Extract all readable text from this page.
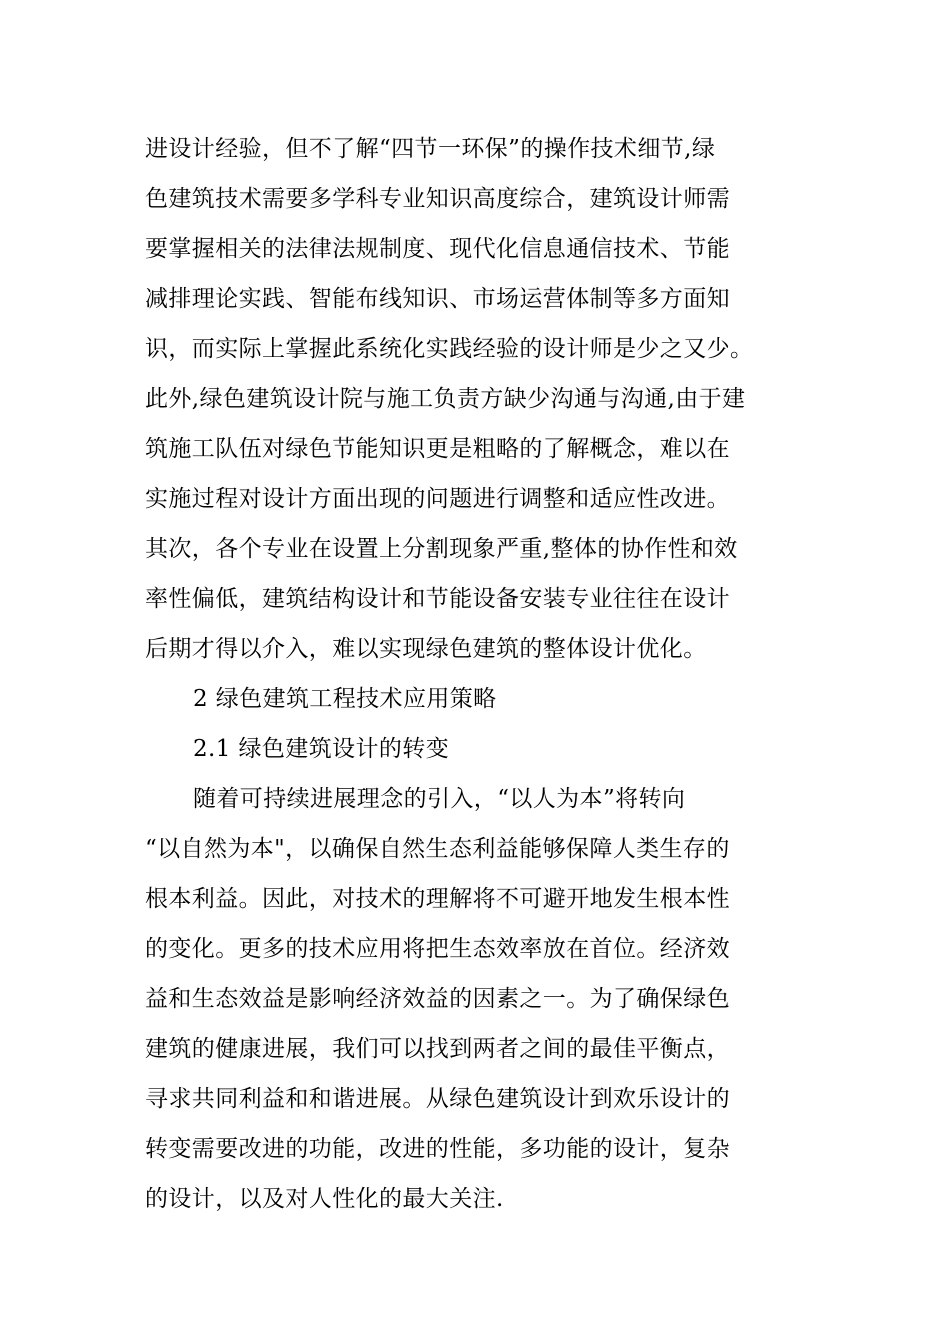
进设计经验，但不了解“四节一环保”的操作技术细节,绿
色建筑技术需要多学科专业知识高度综合，建筑设计师需
要掌握相关的法律法规制度、现代化信息通信技术、节能
减排理论实践、智能布线知识、市场运营体制等多方面知
识，而实际上掌握此系统化实践经验的设计师是少之又少。
此外,绿色建筑设计院与施工负责方缺少沟通与沟通,由于建
筑施工队伍对绿色节能知识更是粗略的了解概念，难以在
实施过程对设计方面出现的问题进行调整和适应性改进。
其次，各个专业在设置上分割现象严重,整体的协作性和效
率性偏低，建筑结构设计和节能设备安装专业往往在设计
后期才得以介入，难以实现绿色建筑的整体设计优化。
2 绿色建筑工程技术应用策略
2.1 绿色建筑设计的转变
随着可持续进展理念的引入，“以人为本”将转向
“以自然为本"，以确保自然生态利益能够保障人类生存的
根本利益。因此，对技术的理解将不可避开地发生根本性
的变化。更多的技术应用将把生态效率放在首位。经济效
益和生态效益是影响经济效益的因素之一。为了确保绿色
建筑的健康进展，我们可以找到两者之间的最佳平衡点，
寻求共同利益和和谐进展。从绿色建筑设计到欢乐设计的
转变需要改进的功能，改进的性能，多功能的设计，复杂
的设计，以及对人性化的最大关注.
